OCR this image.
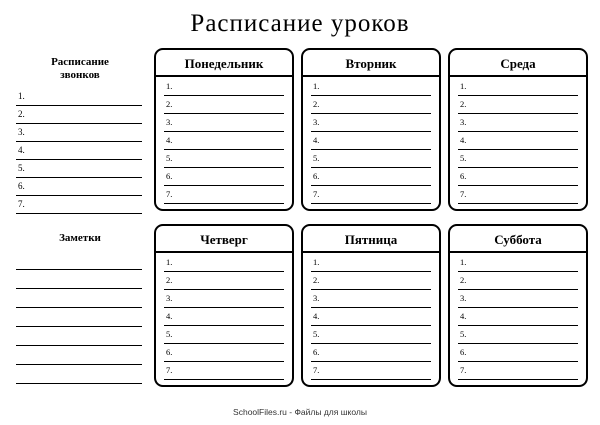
Расписание уроков
Расписание
звонков
1.
2.
3.
4.
5.
6.
7.
Понедельник
1.
2.
3.
4.
5.
6.
7.
Вторник
1.
2.
3.
4.
5.
6.
7.
Среда
1.
2.
3.
4.
5.
6.
7.
Заметки	Четверг
1.
2.
3.
4.
5.
6.
7.
Пятница
1.
2.
3.
4.
5.
6.
7.
Суббота
1.
2.
3.
4.
5.
6.
7.
SchoolFiles.ru - Файлы для школы
